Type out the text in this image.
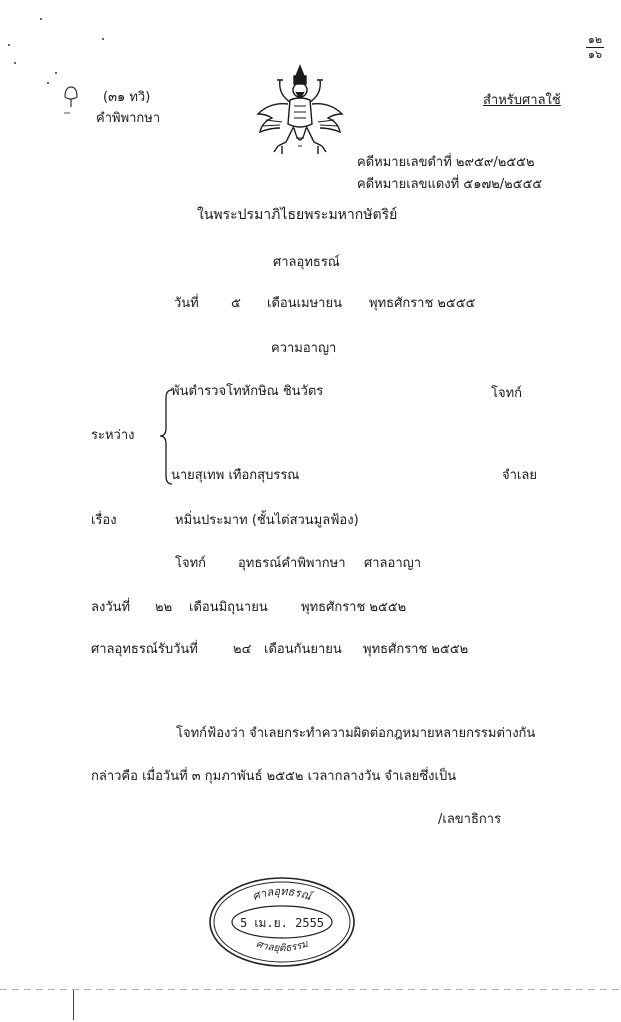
๑๒
๑๖
(๓๑ ทวิ)
คำพิพากษา
สำหรับศาลใช้
คดีหมายเลขดำที่ ๒๙๕๙/๒๕๕๒
คดีหมายเลขแดงที่ ๕๑๗๒/๒๕๕๕
ในพระปรมาภิไธยพระมหากษัตริย์
ศาลอุทธรณ์
วันที่ ๕ เดือนเมษายน พุทธศักราช ๒๕๕๕
ความอาญา
พันตำรวจโทหักษิณ ชินวัตร	โจทก์
ระหว่าง
นายสุเทพ เทือกสุบรรณ	จำเลย
เรื่อง	หมิ่นประมาท (ชั้นไต่สวนมูลฟ้อง)
โจทก์ อุทธรณ์คำพิพากษา ศาลอาญา
ลงวันที่ ๒๒ เดือนมิถุนายน	พุทธศักราช ๒๕๕๒
ศาลอุทธรณ์รับวันที่	๒๔ เดือนกันยายน พุทธศักราช ๒๕๕๒
โจทก์ฟ้องว่า จำเลยกระทำความผิดต่อกฎหมายหลายกรรมต่างกัน
กล่าวคือ เมื่อวันที่ ๓ กุมภาพันธ์ ๒๕๕๒ เวลากลางวัน จำเลยซึ่งเป็น
/เลขาธิการ
ศาลอุทธรณ์
5 เม.ย. 2555
ศาลยุติธรรม
